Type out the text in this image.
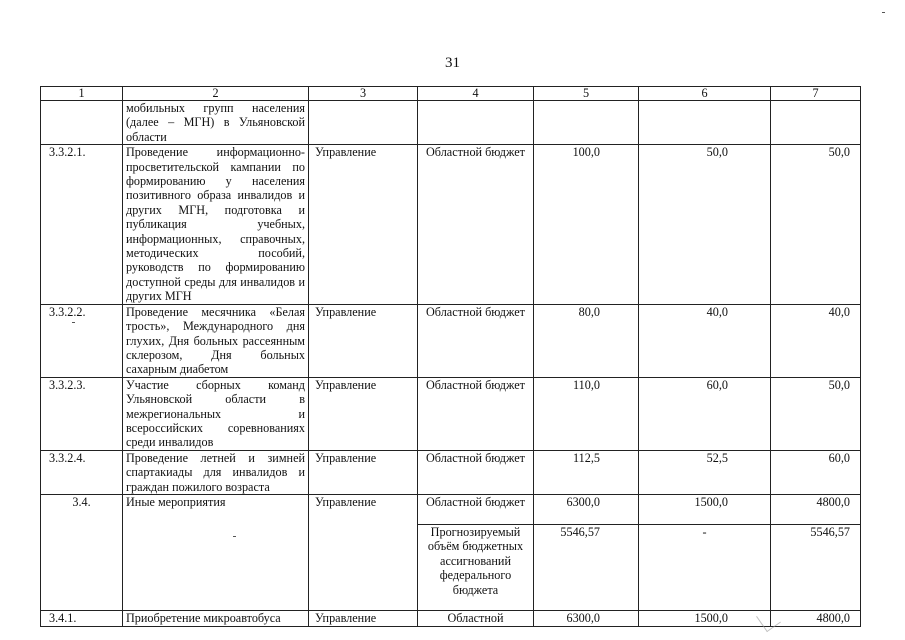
31
1	2	3	4	5	6	7
	мобильных групп населения (далее – МГН) в Ульяновской области					
3.3.2.1.	Проведение информационно-просветительской кампании по формированию у населения позитивного образа инвалидов и других МГН, подготовка и публикация учебных, информационных, справочных, методических пособий, руководств по формированию доступной среды для инвалидов и других МГН	Управление	Областной бюджет	100,0	50,0	50,0
3.3.2.2.	Проведение месячника «Белая трость», Международного дня глухих, Дня больных рассеянным склерозом, Дня больных сахарным диабетом	Управление	Областной бюджет	80,0	40,0	40,0
3.3.2.3.	Участие сборных команд Ульяновской области в межрегиональных и всероссийских соревнованиях среди инвалидов	Управление	Областной бюджет	110,0	60,0	50,0
3.3.2.4.	Проведение летней и зимней спартакиады для инвалидов и граждан пожилого возраста	Управление	Областной бюджет	112,5	52,5	60,0
3.4.	Иные мероприятия	Управление	Областной бюджет	6300,0	1500,0	4800,0
			Прогнозируемый объём бюджетных ассигнований федерального бюджета	5546,57	-	5546,57
3.4.1.	Приобретение микроавтобуса	Управление	Областной	6300,0	1500,0	4800,0
